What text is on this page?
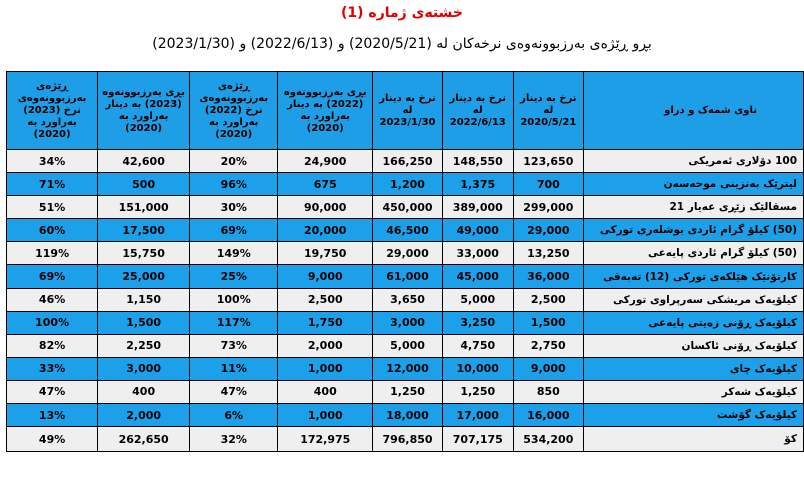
خشتەی ژمارە (1)
بڕو ڕێژەی بەرزبوونەوەی نرخەکان لە (2020/5/21) و (2022/6/13) و (2023/1/30)
ناوی شمەک و دراو	نرخ بە دینار لە 2020/5/21	نرخ بە دینار لە 2022/6/13	نرخ بە دینار لە 2023/1/30	بڕی بەرزبوونەوە (2022) بە دینار بەراورد بە (2020)	ڕێژەی بەرزبوونەوەی نرخ (2022) بەراورد بە (2020)	بڕی بەرزبوونەوە (2023) بە دینار بەراورد بە (2020)	ڕێژەی بەرزبوونەوەی نرخ (2023) بەراورد بە (2020)
100 دۆلاری ئەمریکی	123,650	148,550	166,250	24,900	20%	42,600	34%
لیترێک بەنزینی موحەسەن	700	1,375	1,200	675	96%	500	71%
مسقالێک زێڕی عەیار 21	299,000	389,000	450,000	90,000	30%	151,000	51%
(50) کیلۆ گرام ئاردی بوشلەری تورکی	29,000	49,000	46,500	20,000	69%	17,500	60%
(50) کیلۆ گرام ئاردی پایەعی	13,250	33,000	29,000	19,750	149%	15,750	119%
کارتۆنێک هێلکەی تورکی (12) تەبەقی	36,000	45,000	61,000	9,000	25%	25,000	69%
کیلۆیەک مریشکی سەرپراوی تورکی	2,500	5,000	3,650	2,500	100%	1,150	46%
کیلۆیەک ڕۆنی زەیتی پایەعی	1,500	3,250	3,000	1,750	117%	1,500	100%
کیلۆیەک ڕۆنی ئاکسان	2,750	4,750	5,000	2,000	73%	2,250	82%
کیلۆیەک چای	9,000	10,000	12,000	1,000	11%	3,000	33%
کیلۆیەک شەکر	850	1,250	1,250	400	47%	400	47%
کیلۆیەک گۆشت	16,000	17,000	18,000	1,000	6%	2,000	13%
کۆ	534,200	707,175	796,850	172,975	32%	262,650	49%
